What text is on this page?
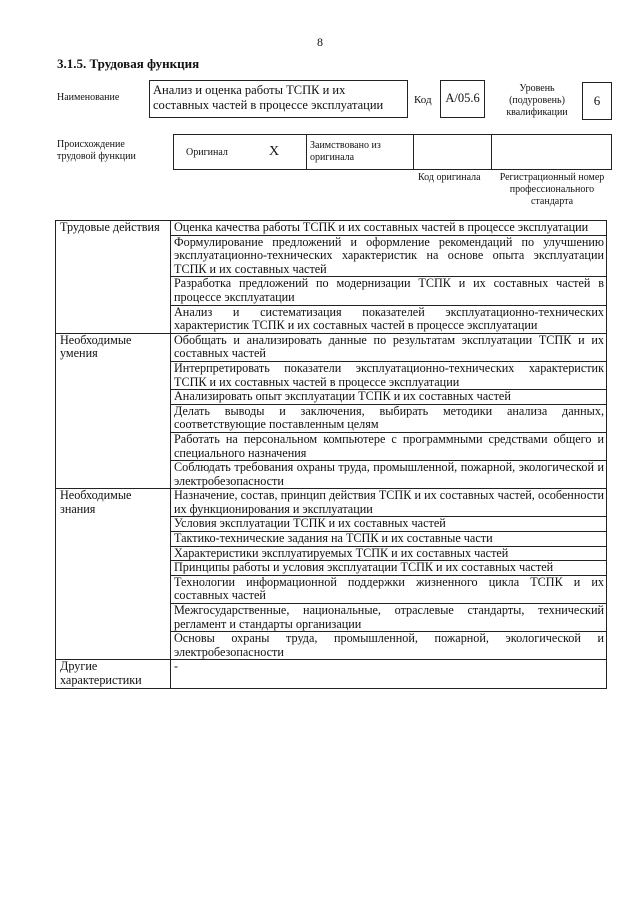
8
3.1.5. Трудовая функция
Наименование
Анализ и оценка работы ТСПК и их составных частей в процессе эксплуатации	Код	А/05.6
Уровень (подуровень) квалификации
6
Происхождение трудовой функции	Оригинал	X	Заимствовано из оригинала
Код оригинала	Регистрационный номер профессионального стандарта
Трудовые действия	Оценка качества работы ТСПК и их составных частей в процессе эксплуатации
	Формулирование предложений и оформление рекомендаций по улучшению эксплуатационно-технических характеристик на основе опыта эксплуатации ТСПК и их составных частей
	Разработка предложений по модернизации ТСПК и их составных частей в процессе эксплуатации
	Анализ и систематизация показателей эксплуатационно-технических характеристик ТСПК и их составных частей в процессе эксплуатации
Необходимые умения	Обобщать и анализировать данные по результатам эксплуатации ТСПК и их составных частей
	Интерпретировать показатели эксплуатационно-технических характеристик ТСПК и их составных частей в процессе эксплуатации
	Анализировать опыт эксплуатации ТСПК и их составных частей
	Делать выводы и заключения, выбирать методики анализа данных, соответствующие поставленным целям
	Работать на персональном компьютере с программными средствами общего и специального назначения
	Соблюдать требования охраны труда, промышленной, пожарной, экологической и электробезопасности
Необходимые знания	Назначение, состав, принцип действия ТСПК и их составных частей, особенности их функционирования и эксплуатации
	Условия эксплуатации ТСПК и их составных частей
	Тактико-технические задания на ТСПК и их составные части
	Характеристики эксплуатируемых ТСПК и их составных частей
	Принципы работы и условия эксплуатации ТСПК и их составных частей
	Технологии информационной поддержки жизненного цикла ТСПК и их составных частей
	Межгосударственные, национальные, отраслевые стандарты, технический регламент и стандарты организации
	Основы охраны труда, промышленной, пожарной, экологической и электробезопасности
Другие характеристики	-
